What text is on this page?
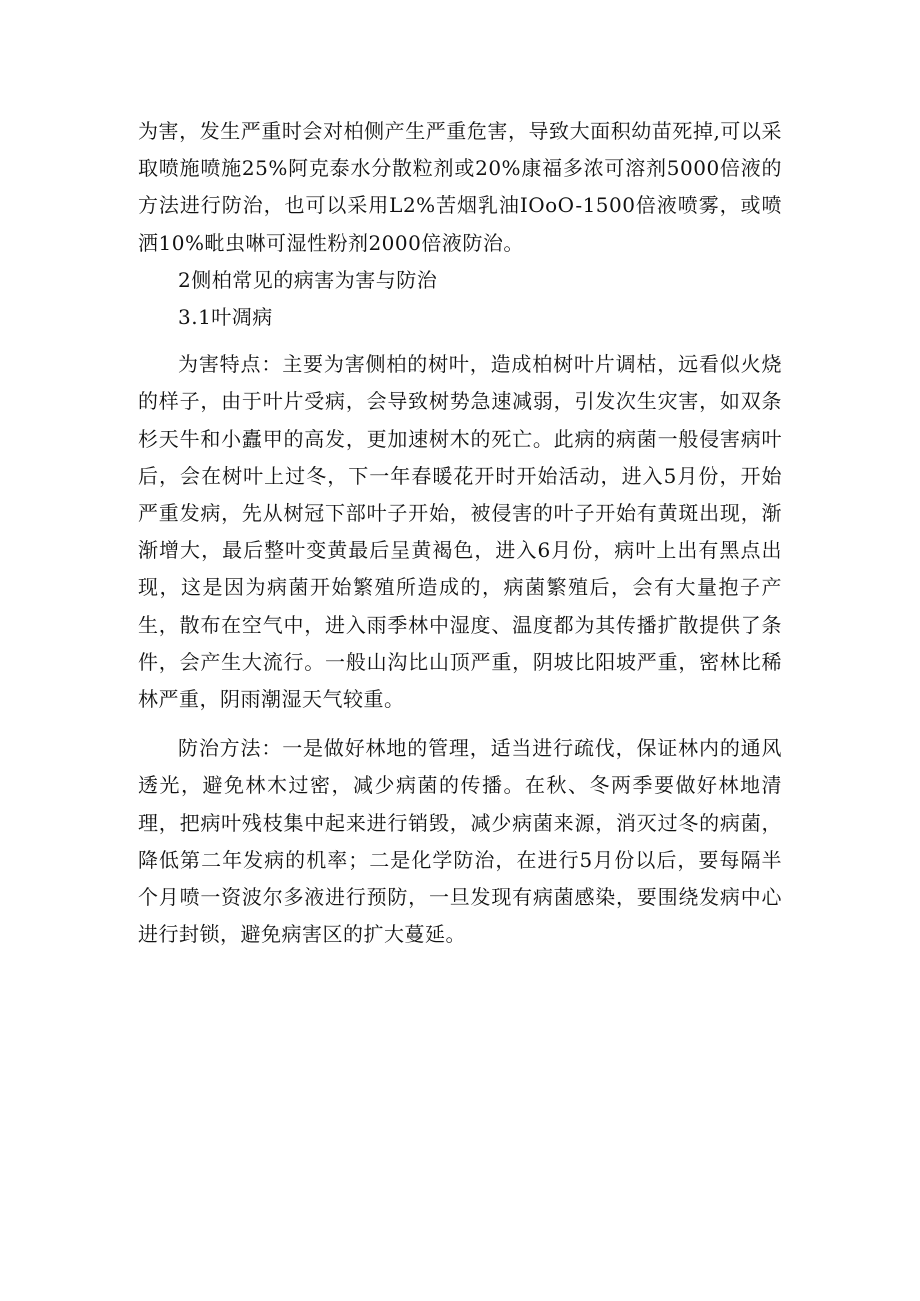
为害，发生严重时会对柏侧产生严重危害，导致大面积幼苗死掉,可以采取喷施喷施25%阿克泰水分散粒剂或20%康福多浓可溶剂5000倍液的方法进行防治，也可以采用L2%苦烟乳油IOoO-1500倍液喷雾，或喷洒10%毗虫啉可湿性粉剂2000倍液防治。

2侧柏常见的病害为害与防治

3.1叶凋病

为害特点：主要为害侧柏的树叶，造成柏树叶片调枯，远看似火烧的样子，由于叶片受病，会导致树势急速减弱，引发次生灾害，如双条杉天牛和小蠹甲的高发，更加速树木的死亡。此病的病菌一般侵害病叶后，会在树叶上过冬，下一年春暖花开时开始活动，进入5月份，开始严重发病，先从树冠下部叶子开始，被侵害的叶子开始有黄斑出现，渐渐增大，最后整叶变黄最后呈黄褐色，进入6月份，病叶上出有黑点出现，这是因为病菌开始繁殖所造成的，病菌繁殖后，会有大量抱子产生，散布在空气中，进入雨季林中湿度、温度都为其传播扩散提供了条件，会产生大流行。一般山沟比山顶严重，阴坡比阳坡严重，密林比稀林严重，阴雨潮湿天气较重。

防治方法：一是做好林地的管理，适当进行疏伐，保证林内的通风透光，避免林木过密，减少病菌的传播。在秋、冬两季要做好林地清理，把病叶残枝集中起来进行销毁，减少病菌来源，消灭过冬的病菌，降低第二年发病的机率；二是化学防治，在进行5月份以后，要每隔半个月喷一资波尔多液进行预防，一旦发现有病菌感染，要围绕发病中心进行封锁，避免病害区的扩大蔓延。
